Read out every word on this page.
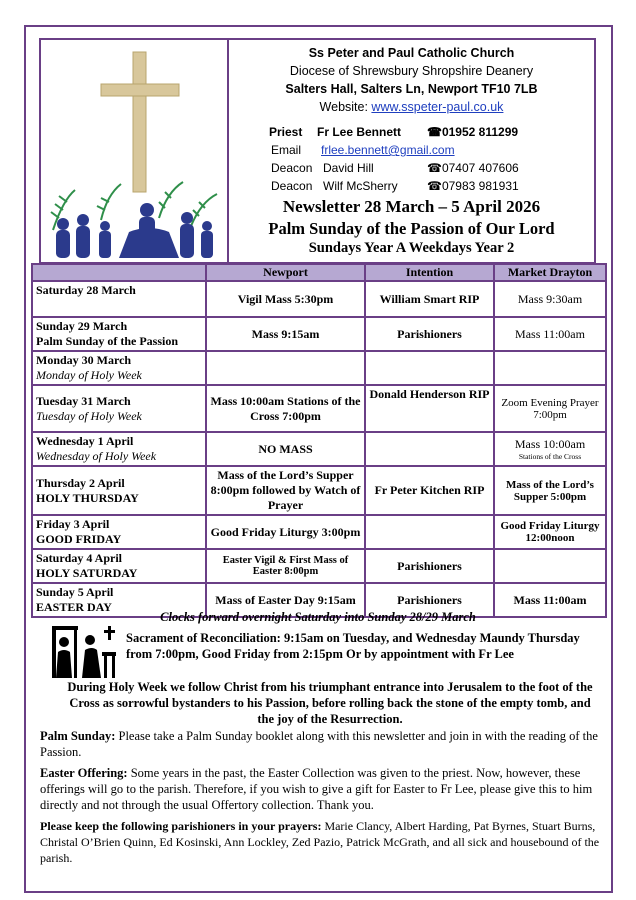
Ss Peter and Paul Catholic Church
Diocese of Shrewsbury Shropshire Deanery
Salters Hall, Salters Ln, Newport TF10 7LB
Website: www.sspeter-paul.co.uk
Priest Fr Lee Bennett ☎01952 811299
Email frlee.bennett@gmail.com
Deacon David Hill	☎07407 407606
Deacon Wilf McSherry ☎07983 981931
Newsletter 28 March – 5 April 2026
Palm Sunday of the Passion of Our Lord
Sundays Year A Weekdays Year 2
	Newport	Intention	Market Drayton

Saturday 28 March	Vigil Mass 5:30pm	William Smart RIP	Mass 9:30am

Sunday 29 March
Palm Sunday of the Passion	Mass 9:15am	Parishioners	Mass 11:00am

Monday 30 March
Monday of Holy Week			

Tuesday 31 March
Tuesday of Holy Week	Mass 10:00am Stations of the Cross 7:00pm	Donald Henderson RIP	Zoom Evening Prayer 7:00pm

Wednesday 1 April
Wednesday of Holy Week	NO MASS		Mass 10:00am
Stations of the Cross

Thursday 2 April
HOLY THURSDAY	Mass of the Lord’s Supper 8:00pm followed by Watch of Prayer	Fr Peter Kitchen RIP	Mass of the Lord’s Supper 5:00pm

Friday 3 April
GOOD FRIDAY	Good Friday Liturgy 3:00pm		Good Friday Liturgy 12:00noon

Saturday 4 April
HOLY SATURDAY	Easter Vigil & First Mass of Easter 8:00pm	Parishioners	

Sunday 5 April
EASTER DAY	Mass of Easter Day 9:15am	Parishioners	Mass 11:00am
Clocks forward overnight Saturday into Sunday 28/29 March
Sacrament of Reconciliation: 9:15am on Tuesday, and Wednesday Maundy Thursday from 7:00pm, Good Friday from 2:15pm Or by appointment with Fr Lee
During Holy Week we follow Christ from his triumphant entrance into Jerusalem to the foot of the Cross as sorrowful bystanders to his Passion, before rolling back the stone of the empty tomb, and the joy of the Resurrection.
Palm Sunday: Please take a Palm Sunday booklet along with this newsletter and join in with the reading of the Passion.
Easter Offering: Some years in the past, the Easter Collection was given to the priest. Now, however, these offerings will go to the parish. Therefore, if you wish to give a gift for Easter to Fr Lee, please give this to him directly and not through the usual Offertory collection. Thank you.
Please keep the following parishioners in your prayers: Marie Clancy, Albert Harding, Pat Byrnes, Stuart Burns, Christal O’Brien Quinn, Ed Kosinski, Ann Lockley, Zed Pazio, Patrick McGrath, and all sick and housebound of the parish.
